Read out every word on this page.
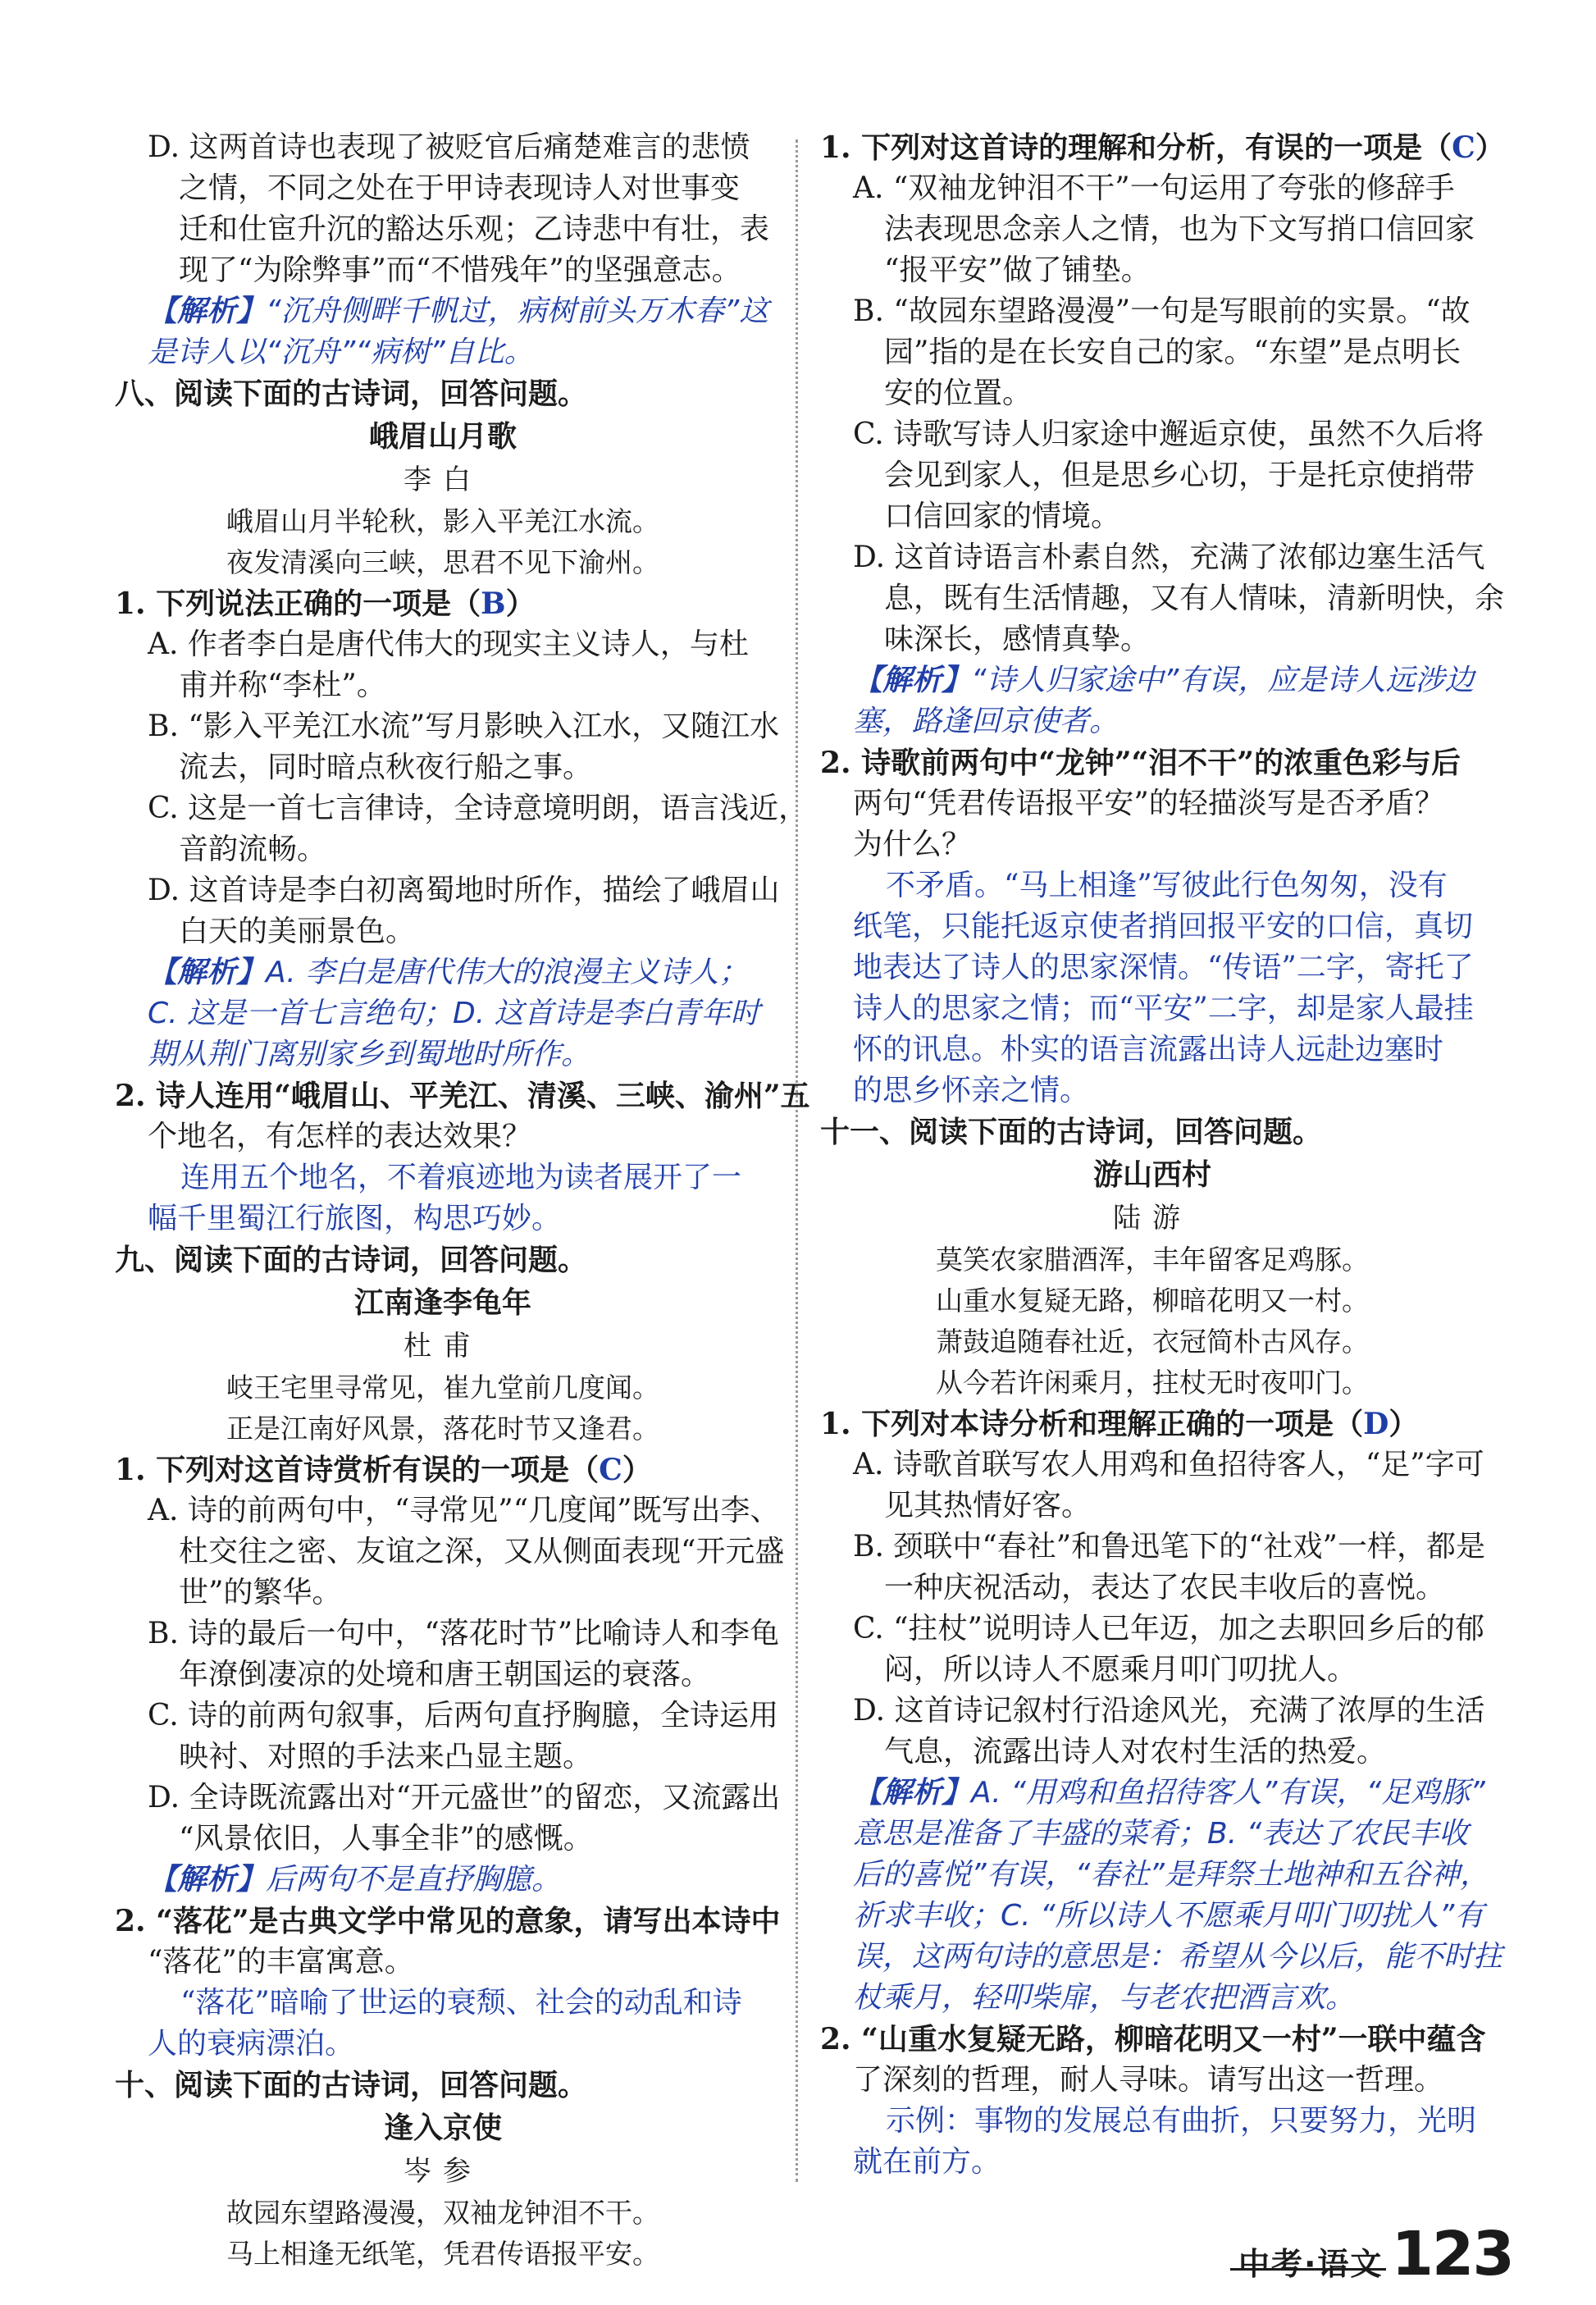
D. 这两首诗也表现了被贬官后痛楚难言的悲愤
之情，不同之处在于甲诗表现诗人对世事变
迁和仕宦升沉的豁达乐观；乙诗悲中有壮，表
现了“为除弊事”而“不惜残年”的坚强意志。
【解析】“沉舟侧畔千帆过，病树前头万木春”这
是诗人以“沉舟”“病树”自比。
八、阅读下面的古诗词，回答问题。
峨眉山月歌
李白
峨眉山月半轮秋，影入平羌江水流。
夜发清溪向三峡，思君不见下渝州。
1. 下列说法正确的一项是（B）
A. 作者李白是唐代伟大的现实主义诗人，与杜
甫并称“李杜”。
B. “影入平羌江水流”写月影映入江水，又随江水
流去，同时暗点秋夜行船之事。
C. 这是一首七言律诗，全诗意境明朗，语言浅近，
音韵流畅。
D. 这首诗是李白初离蜀地时所作，描绘了峨眉山
白天的美丽景色。
【解析】A. 李白是唐代伟大的浪漫主义诗人；
C. 这是一首七言绝句；D. 这首诗是李白青年时
期从荆门离别家乡到蜀地时所作。
2. 诗人连用“峨眉山、平羌江、清溪、三峡、渝州”五
个地名，有怎样的表达效果？
连用五个地名，不着痕迹地为读者展开了一
幅千里蜀江行旅图，构思巧妙。
九、阅读下面的古诗词，回答问题。
江南逢李龟年
杜甫
岐王宅里寻常见，崔九堂前几度闻。
正是江南好风景，落花时节又逢君。
1. 下列对这首诗赏析有误的一项是（C）
A. 诗的前两句中，“寻常见”“几度闻”既写出李、
杜交往之密、友谊之深，又从侧面表现“开元盛
世”的繁华。
B. 诗的最后一句中，“落花时节”比喻诗人和李龟
年潦倒凄凉的处境和唐王朝国运的衰落。
C. 诗的前两句叙事，后两句直抒胸臆，全诗运用
映衬、对照的手法来凸显主题。
D. 全诗既流露出对“开元盛世”的留恋，又流露出
“风景依旧，人事全非”的感慨。
【解析】后两句不是直抒胸臆。
2. “落花”是古典文学中常见的意象，请写出本诗中
“落花”的丰富寓意。
“落花”暗喻了世运的衰颓、社会的动乱和诗
人的衰病漂泊。
十、阅读下面的古诗词，回答问题。
逢入京使
岑参
故园东望路漫漫，双袖龙钟泪不干。
马上相逢无纸笔，凭君传语报平安。
1. 下列对这首诗的理解和分析，有误的一项是（C）
A. “双袖龙钟泪不干”一句运用了夸张的修辞手
法表现思念亲人之情，也为下文写捎口信回家
“报平安”做了铺垫。
B. “故园东望路漫漫”一句是写眼前的实景。“故
园”指的是在长安自己的家。“东望”是点明长
安的位置。
C. 诗歌写诗人归家途中邂逅京使，虽然不久后将
会见到家人，但是思乡心切，于是托京使捎带
口信回家的情境。
D. 这首诗语言朴素自然，充满了浓郁边塞生活气
息，既有生活情趣，又有人情味，清新明快，余
味深长，感情真挚。
【解析】“诗人归家途中”有误，应是诗人远涉边
塞，路逢回京使者。
2. 诗歌前两句中“龙钟”“泪不干”的浓重色彩与后
两句“凭君传语报平安”的轻描淡写是否矛盾？
为什么？
不矛盾。“马上相逢”写彼此行色匆匆，没有
纸笔，只能托返京使者捎回报平安的口信，真切
地表达了诗人的思家深情。“传语”二字，寄托了
诗人的思家之情；而“平安”二字，却是家人最挂
怀的讯息。朴实的语言流露出诗人远赴边塞时
的思乡怀亲之情。
十一、阅读下面的古诗词，回答问题。
游山西村
陆游
莫笑农家腊酒浑，丰年留客足鸡豚。
山重水复疑无路，柳暗花明又一村。
萧鼓追随春社近，衣冠简朴古风存。
从今若许闲乘月，拄杖无时夜叩门。
1. 下列对本诗分析和理解正确的一项是（D）
A. 诗歌首联写农人用鸡和鱼招待客人，“足”字可
见其热情好客。
B. 颈联中“春社”和鲁迅笔下的“社戏”一样，都是
一种庆祝活动，表达了农民丰收后的喜悦。
C. “拄杖”说明诗人已年迈，加之去职回乡后的郁
闷，所以诗人不愿乘月叩门叨扰人。
D. 这首诗记叙村行沿途风光，充满了浓厚的生活
气息，流露出诗人对农村生活的热爱。
【解析】A. “用鸡和鱼招待客人”有误，“足鸡豚”
意思是准备了丰盛的菜肴；B. “表达了农民丰收
后的喜悦”有误，“春社”是拜祭土地神和五谷神，
祈求丰收；C. “所以诗人不愿乘月叩门叨扰人”有
误，这两句诗的意思是：希望从今以后，能不时拄
杖乘月，轻叩柴扉，与老农把酒言欢。
2. “山重水复疑无路，柳暗花明又一村”一联中蕴含
了深刻的哲理，耐人寻味。请写出这一哲理。
示例：事物的发展总有曲折，只要努力，光明
就在前方。
中考·语文 123
